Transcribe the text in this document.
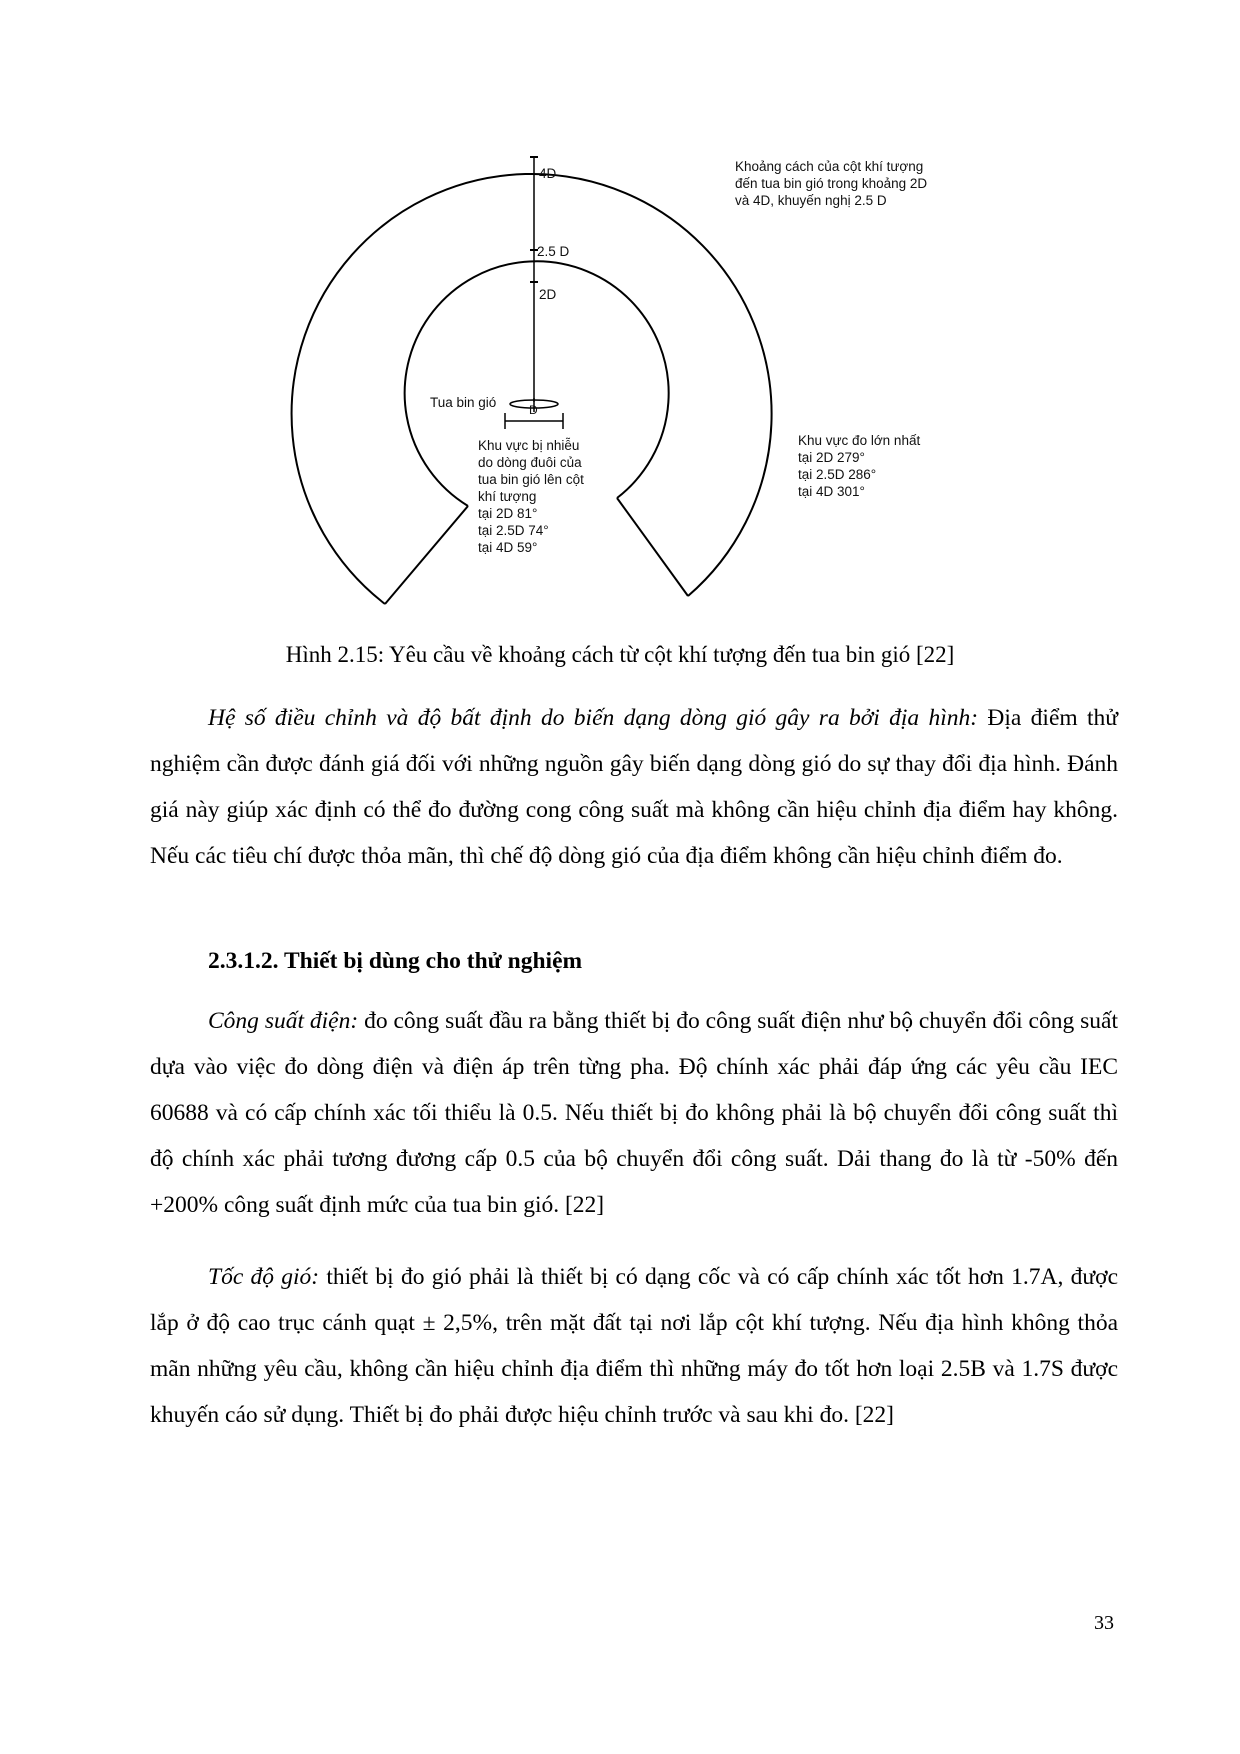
4D
2.5 D
2D
Tua bin gió	D
Khoảng cách của cột khí tượng
đến tua bin gió trong khoảng 2D
và 4D, khuyến nghị 2.5 D
Khu vực đo lớn nhất
tại 2D 279°
tại 2.5D 286°
tại 4D 301°
Khu vực bị nhiễu
do dòng đuôi của
tua bin gió lên cột
khí tượng
tại 2D 81°
tại 2.5D 74°
tại 4D 59°
Hình 2.15: Yêu cầu về khoảng cách từ cột khí tượng đến tua bin gió [22]

Hệ số điều chỉnh và độ bất định do biến dạng dòng gió gây ra bởi địa hình: Địa điểm thử nghiệm cần được đánh giá đối với những nguồn gây biến dạng dòng gió do sự thay đổi địa hình. Đánh giá này giúp xác định có thể đo đường cong công suất mà không cần hiệu chỉnh địa điểm hay không. Nếu các tiêu chí được thỏa mãn, thì chế độ dòng gió của địa điểm không cần hiệu chỉnh điểm đo.

2.3.1.2. Thiết bị dùng cho thử nghiệm

Công suất điện: đo công suất đầu ra bằng thiết bị đo công suất điện như bộ chuyển đổi công suất dựa vào việc đo dòng điện và điện áp trên từng pha. Độ chính xác phải đáp ứng các yêu cầu IEC 60688 và có cấp chính xác tối thiểu là 0.5. Nếu thiết bị đo không phải là bộ chuyển đổi công suất thì độ chính xác phải tương đương cấp 0.5 của bộ chuyển đổi công suất. Dải thang đo là từ -50% đến +200% công suất định mức của tua bin gió. [22]

Tốc độ gió: thiết bị đo gió phải là thiết bị có dạng cốc và có cấp chính xác tốt hơn 1.7A, được lắp ở độ cao trục cánh quạt ± 2,5%, trên mặt đất tại nơi lắp cột khí tượng. Nếu địa hình không thỏa mãn những yêu cầu, không cần hiệu chỉnh địa điểm thì những máy đo tốt hơn loại 2.5B và 1.7S được khuyến cáo sử dụng. Thiết bị đo phải được hiệu chỉnh trước và sau khi đo. [22]

33
